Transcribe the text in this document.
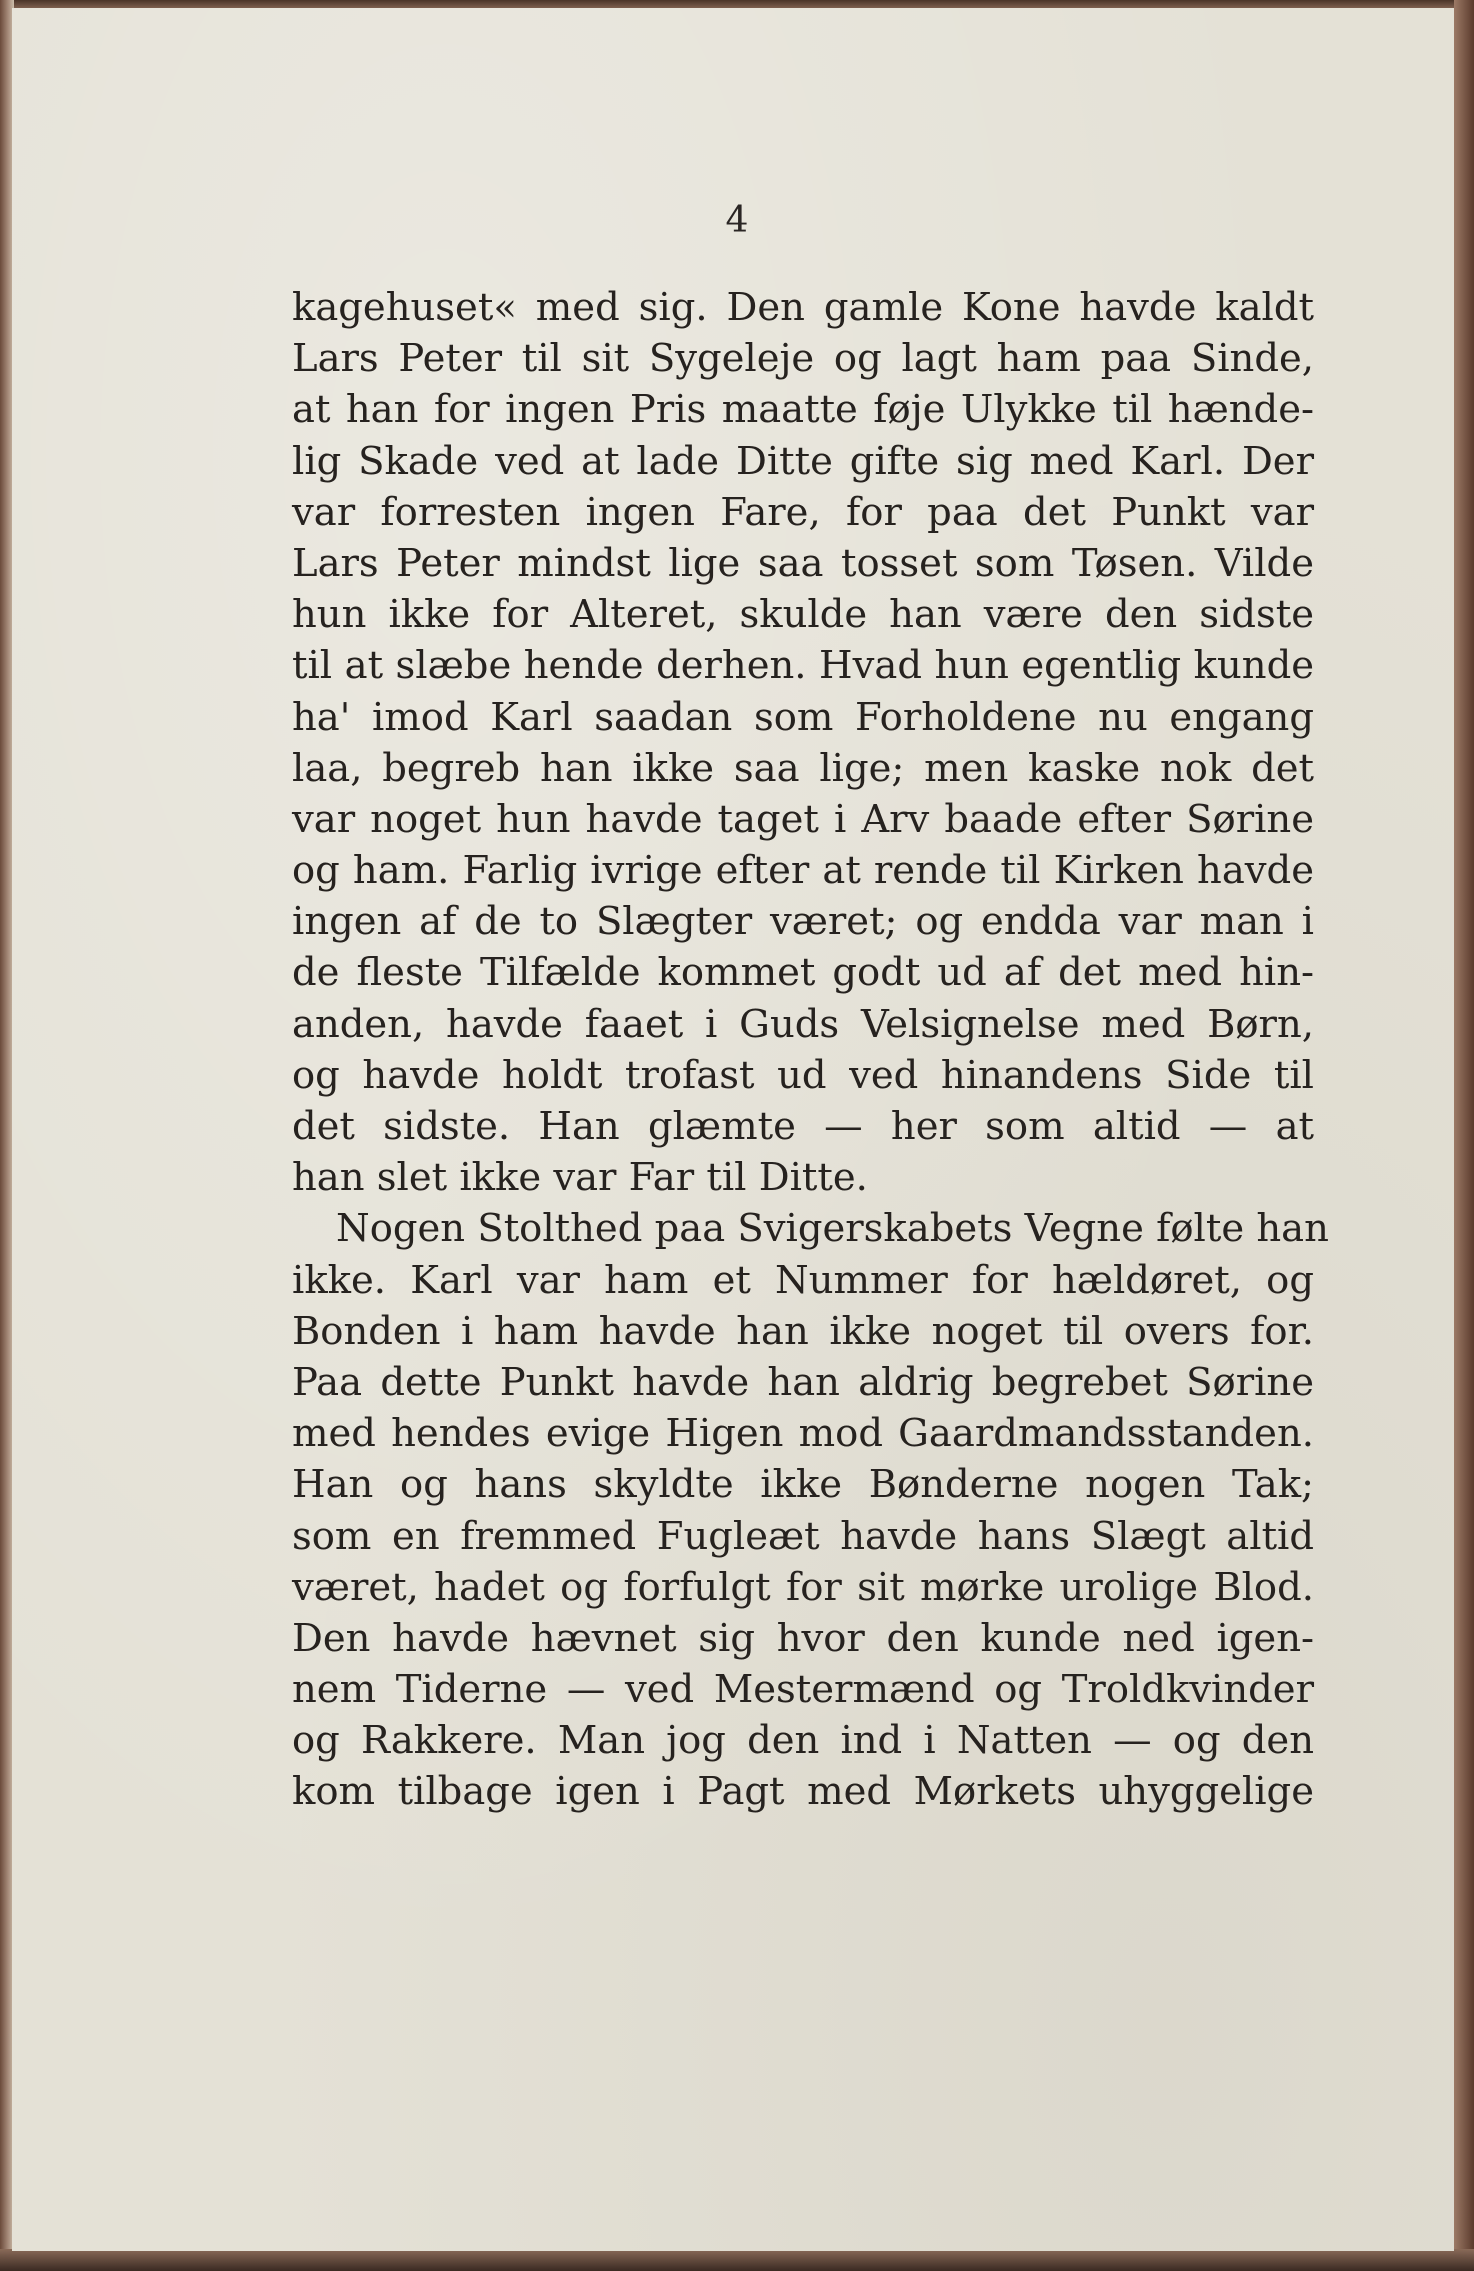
4
kagehuset« med sig. Den gamle Kone havde kaldt
Lars Peter til sit Sygeleje og lagt ham paa Sinde,
at han for ingen Pris maatte føje Ulykke til hænde-
lig Skade ved at lade Ditte gifte sig med Karl. Der
var forresten ingen Fare, for paa det Punkt var
Lars Peter mindst lige saa tosset som Tøsen. Vilde
hun ikke for Alteret, skulde han være den sidste
til at slæbe hende derhen. Hvad hun egentlig kunde
ha' imod Karl saadan som Forholdene nu engang
laa, begreb han ikke saa lige; men kaske nok det
var noget hun havde taget i Arv baade efter Sørine
og ham. Farlig ivrige efter at rende til Kirken havde
ingen af de to Slægter været; og endda var man i
de fleste Tilfælde kommet godt ud af det med hin-
anden, havde faaet i Guds Velsignelse med Børn,
og havde holdt trofast ud ved hinandens Side til
det sidste. Han glæmte — her som altid — at
han slet ikke var Far til Ditte.
Nogen Stolthed paa Svigerskabets Vegne følte han
ikke. Karl var ham et Nummer for hældøret, og
Bonden i ham havde han ikke noget til overs for.
Paa dette Punkt havde han aldrig begrebet Sørine
med hendes evige Higen mod Gaardmandsstanden.
Han og hans skyldte ikke Bønderne nogen Tak;
som en fremmed Fugleæt havde hans Slægt altid
været, hadet og forfulgt for sit mørke urolige Blod.
Den havde hævnet sig hvor den kunde ned igen-
nem Tiderne — ved Mestermænd og Troldkvinder
og Rakkere. Man jog den ind i Natten — og den
kom tilbage igen i Pagt med Mørkets uhyggelige
